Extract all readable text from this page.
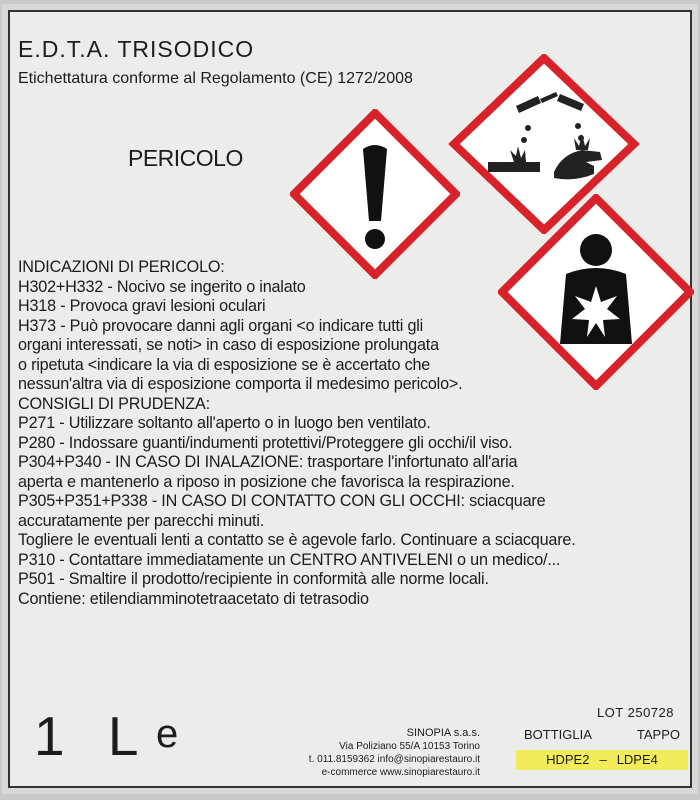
E.D.T.A. TRISODICO
Etichettatura conforme al Regolamento (CE) 1272/2008
PERICOLO
INDICAZIONI DI PERICOLO:
H302+H332 - Nocivo se ingerito o inalato
H318 - Provoca gravi lesioni oculari
H373 - Può provocare danni agli organi <o indicare tutti gli
organi interessati, se noti> in caso di esposizione prolungata
o ripetuta <indicare la via di esposizione se è accertato che
nessun'altra via di esposizione comporta il medesimo pericolo>.
CONSIGLI DI PRUDENZA:
P271 - Utilizzare soltanto all'aperto o in luogo ben ventilato.
P280 - Indossare guanti/indumenti protettivi/Proteggere gli occhi/il viso.
P304+P340 - IN CASO DI INALAZIONE: trasportare l'infortunato all'aria
aperta e mantenerlo a riposo in posizione che favorisca la respirazione.
P305+P351+P338 - IN CASO DI CONTATTO CON GLI OCCHI: sciacquare
accuratamente per parecchi minuti.
Togliere le eventuali lenti a contatto se è agevole farlo. Continuare a sciacquare.
P310 - Contattare immediatamente un CENTRO ANTIVELENI o un medico/...
P501 - Smaltire il prodotto/recipiente in conformità alle norme locali.
Contiene: etilendiamminotetraacetato di tetrasodio
1 L e	SINOPIA s.a.s.
Via Poliziano 55/A 10153 Torino
t. 011.8159362 info@sinopiarestauro.it
e-commerce www.sinopiarestauro.it
LOT 250728
BOTTIGLIA	TAPPO
HDPE2 – LDPE4
